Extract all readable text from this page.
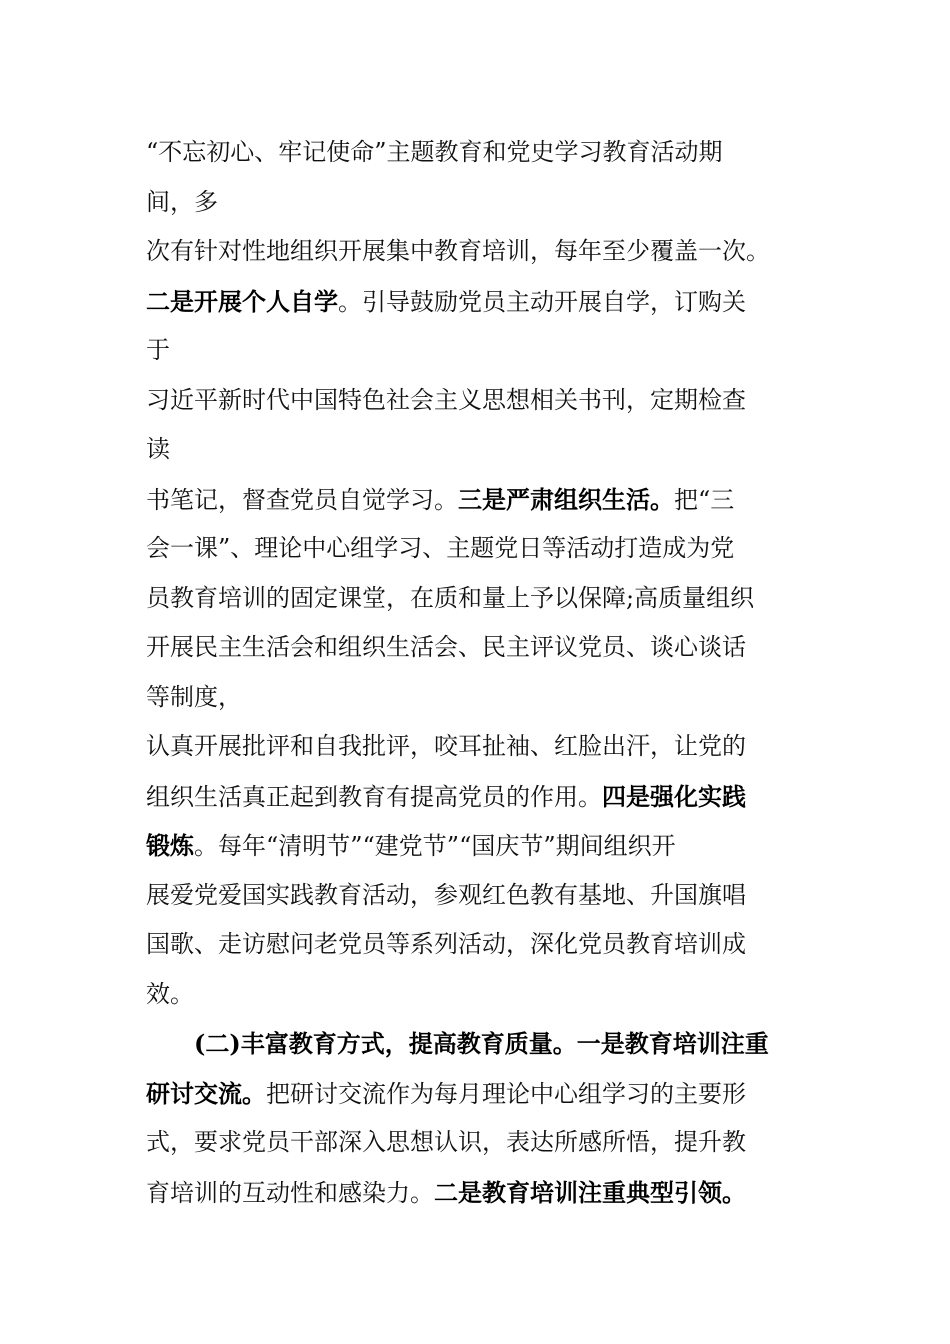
“不忘初心、牢记使命”主题教育和党史学习教育活动期
间，多
次有针对性地组织开展集中教育培训，每年至少覆盖一次。
二是开展个人自学。引导鼓励党员主动开展自学，订购关
于
习近平新时代中国特色社会主义思想相关书刊，定期检查
读
书笔记，督查党员自觉学习。三是严肃组织生活。把“三
会一课”、理论中心组学习、主题党日等活动打造成为党
员教育培训的固定课堂，在质和量上予以保障;高质量组织
开展民主生活会和组织生活会、民主评议党员、谈心谈话
等制度，
认真开展批评和自我批评，咬耳扯袖、红脸出汗，让党的
组织生活真正起到教育有提高党员的作用。四是强化实践
锻炼。每年“清明节”“建党节”“国庆节”期间组织开
展爱党爱国实践教育活动，参观红色教有基地、升国旗唱
国歌、走访慰问老党员等系列活动，深化党员教育培训成
效。
(二)丰富教育方式，提高教育质量。一是教育培训注重
研讨交流。把研讨交流作为每月理论中心组学习的主要形
式，要求党员干部深入思想认识，表达所感所悟，提升教
育培训的互动性和感染力。二是教育培训注重典型引领。
